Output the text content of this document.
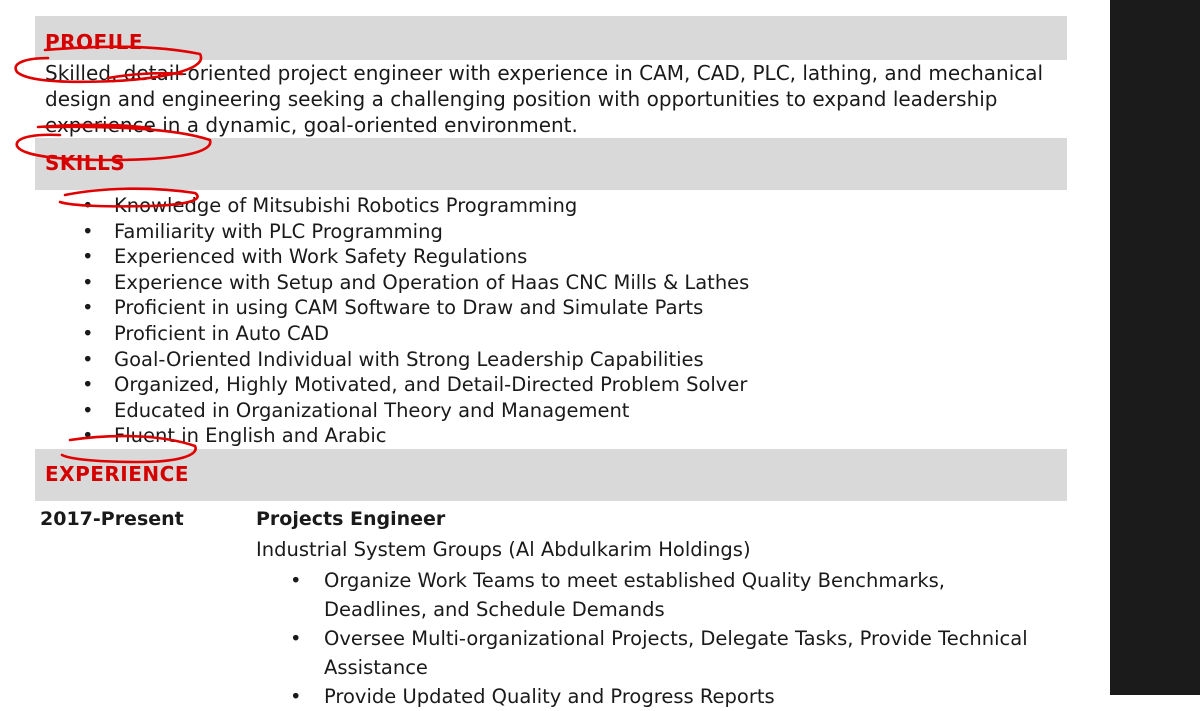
PROFILE
Skilled, detail-oriented project engineer with experience in CAM, CAD, PLC, lathing, and mechanical design and engineering seeking a challenging position with opportunities to expand leadership experience in a dynamic, goal-oriented environment.
SKILLS
• Knowledge of Mitsubishi Robotics Programming
• Familiarity with PLC Programming
• Experienced with Work Safety Regulations
• Experience with Setup and Operation of Haas CNC Mills & Lathes
• Proficient in using CAM Software to Draw and Simulate Parts
• Proficient in Auto CAD
• Goal-Oriented Individual with Strong Leadership Capabilities
• Organized, Highly Motivated, and Detail-Directed Problem Solver
• Educated in Organizational Theory and Management
• Fluent in English and Arabic
EXPERIENCE
2017-Present	Projects Engineer
Industrial System Groups (Al Abdulkarim Holdings)
• Organize Work Teams to meet established Quality Benchmarks, Deadlines, and Schedule Demands
• Oversee Multi-organizational Projects, Delegate Tasks, Provide Technical Assistance
• Provide Updated Quality and Progress Reports
